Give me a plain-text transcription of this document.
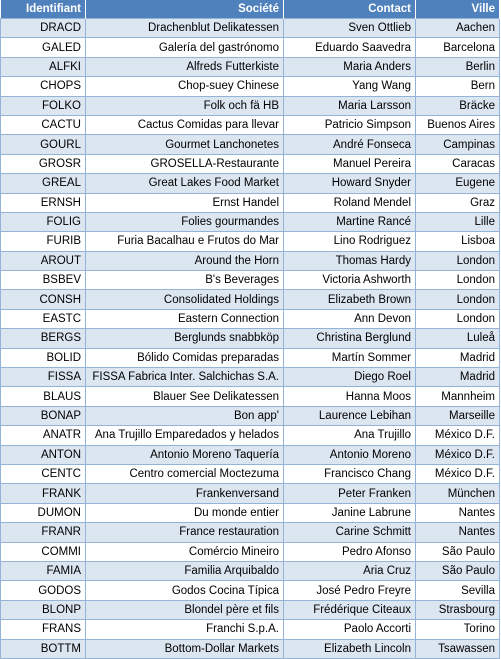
Identifiant	Société	Contact	Ville
DRACD	Drachenblut Delikatessen	Sven Ottlieb	Aachen
GALED	Galería del gastrónomo	Eduardo Saavedra	Barcelona
ALFKI	Alfreds Futterkiste	Maria Anders	Berlin
CHOPS	Chop-suey Chinese	Yang Wang	Bern
FOLKO	Folk och fä HB	Maria Larsson	Bräcke
CACTU	Cactus Comidas para llevar	Patricio Simpson	Buenos Aires
GOURL	Gourmet Lanchonetes	André Fonseca	Campinas
GROSR	GROSELLA-Restaurante	Manuel Pereira	Caracas
GREAL	Great Lakes Food Market	Howard Snyder	Eugene
ERNSH	Ernst Handel	Roland Mendel	Graz
FOLIG	Folies gourmandes	Martine Rancé	Lille
FURIB	Furia Bacalhau e Frutos do Mar	Lino Rodriguez	Lisboa
AROUT	Around the Horn	Thomas Hardy	London
BSBEV	B's Beverages	Victoria Ashworth	London
CONSH	Consolidated Holdings	Elizabeth Brown	London
EASTC	Eastern Connection	Ann Devon	London
BERGS	Berglunds snabbköp	Christina Berglund	Luleå
BOLID	Bólido Comidas preparadas	Martín Sommer	Madrid
FISSA	FISSA Fabrica Inter. Salchichas S.A.	Diego Roel	Madrid
BLAUS	Blauer See Delikatessen	Hanna Moos	Mannheim
BONAP	Bon app'	Laurence Lebihan	Marseille
ANATR	Ana Trujillo Emparedados y helados	Ana Trujillo	México D.F.
ANTON	Antonio Moreno Taquería	Antonio Moreno	México D.F.
CENTC	Centro comercial Moctezuma	Francisco Chang	México D.F.
FRANK	Frankenversand	Peter Franken	München
DUMON	Du monde entier	Janine Labrune	Nantes
FRANR	France restauration	Carine Schmitt	Nantes
COMMI	Comércio Mineiro	Pedro Afonso	São Paulo
FAMIA	Familia Arquibaldo	Aria Cruz	São Paulo
GODOS	Godos Cocina Típica	José Pedro Freyre	Sevilla
BLONP	Blondel père et fils	Frédérique Citeaux	Strasbourg
FRANS	Franchi S.p.A.	Paolo Accorti	Torino
BOTTM	Bottom-Dollar Markets	Elizabeth Lincoln	Tsawassen
